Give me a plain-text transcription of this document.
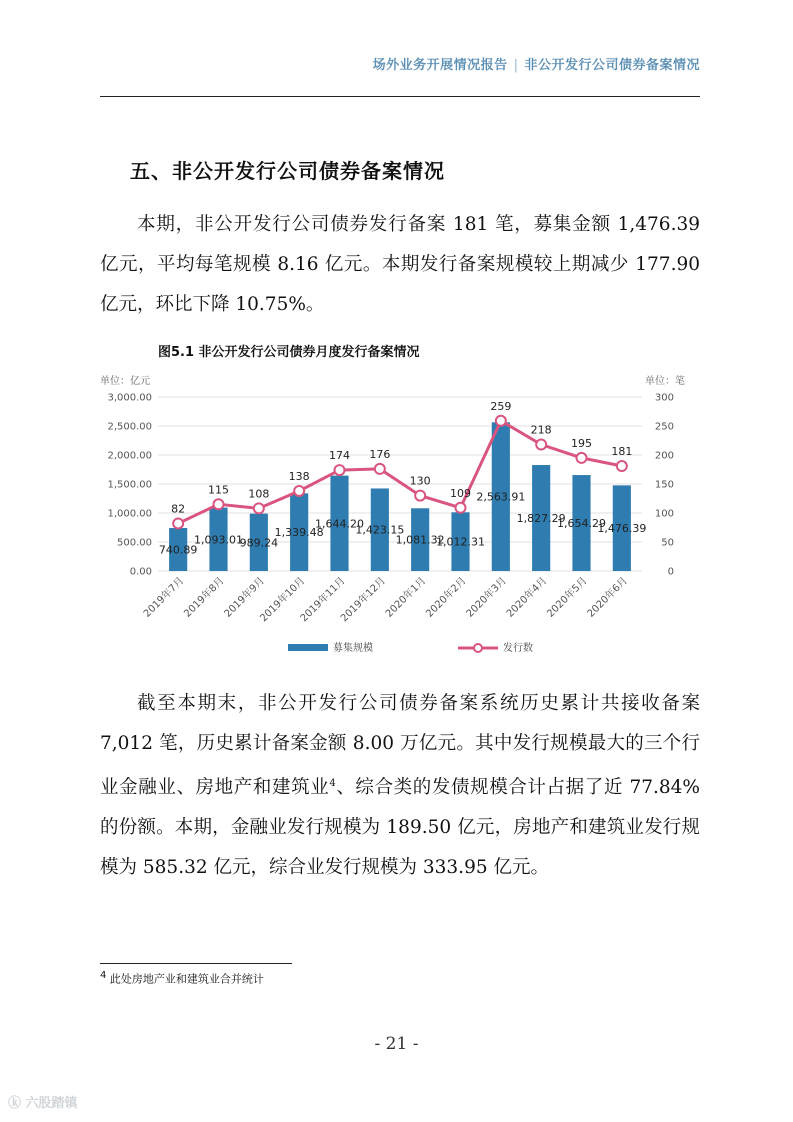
场外业务开展情况报告 | 非公开发行公司债券备案情况
五、非公开发行公司债券备案情况

本期，非公开发行公司债券发行备案 181 笔，募集金额 1,476.39 亿元，平均每笔规模 8.16 亿元。本期发行备案规模较上期减少 177.90 亿元，环比下降 10.75%。

图5.1 非公开发行公司债券月度发行备案情况
单位：亿元	单位：笔
0.00
500.00
1,000.00
1,500.00
2,000.00
2,500.00
3,000.00
0
50
100
150
200
250
300
82
115 108
138
174 176
130
109
259
218
195
181
740.89
1,093.01
989.24
1,339.48
1,644.20
1,423.15
1,081.32
1,012.31
2,563.91
1,827.29
1,654.29
1,476.39
2019年7月
2019年8月
2019年9月
2019年10月
2019年11月
2019年12月
2020年1月
2020年2月
2020年3月
2020年4月
2020年5月
2020年6月
募集规模	发行数

截至本期末，非公开发行公司债券备案系统历史累计共接收备案 7,012 笔，历史累计备案金额 8.00 万亿元。其中发行规模最大的三个行业金融业、房地产和建筑业$^4$、综合类的发债规模合计占据了近 77.84%的份额。本期，金融业发行规模为 189.50 亿元，房地产和建筑业发行规模为 585.32 亿元，综合业发行规模为 333.95 亿元。

$^4$ 此处房地产业和建筑业合并统计
- 21 -
ⓚ 六股踏镇
